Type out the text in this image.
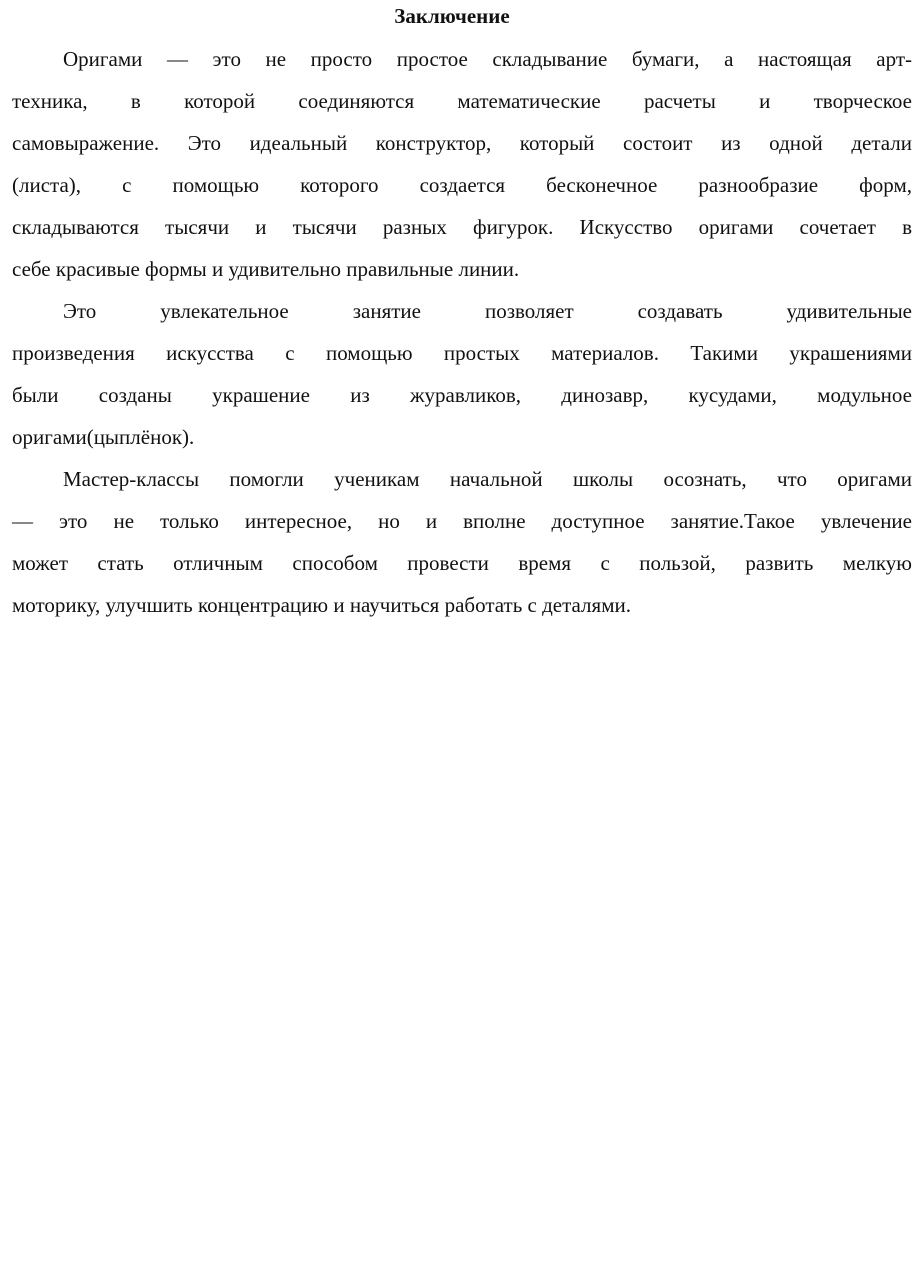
Заключение

Оригами — это не просто простое складывание бумаги, а настоящая арт-

техника, в которой соединяются математические расчеты и творческое

самовыражение. Это идеальный конструктор, который состоит из одной детали

(листа), с помощью которого создается бесконечное разнообразие форм,

складываются тысячи и тысячи разных фигурок. Искусство оригами сочетает в

себе красивые формы и удивительно правильные линии.

Это увлекательное занятие позволяет создавать удивительные

произведения искусства с помощью простых материалов. Такими украшениями

были созданы украшение из журавликов, динозавр, кусудами, модульное

оригами(цыплёнок).

Мастер-классы помогли ученикам начальной школы осознать, что оригами

— это не только интересное, но и вполне доступное занятие.Такое увлечение

может стать отличным способом провести время с пользой, развить мелкую

моторику, улучшить концентрацию и научиться работать с деталями.
